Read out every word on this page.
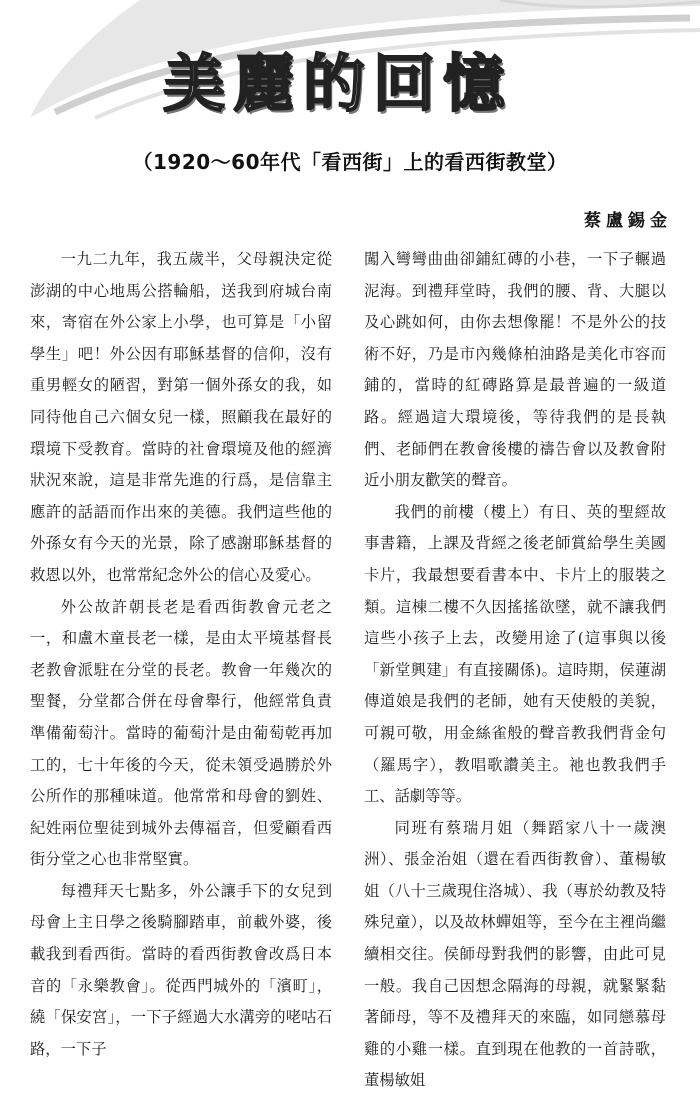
美麗的回憶
（1920～60年代「看西街」上的看西街教堂）
蔡盧錫金

一九二九年，我五歲半，父母親決定從澎湖的中心地馬公搭輪船，送我到府城台南來，寄宿在外公家上小學，也可算是「小留學生」吧！外公因有耶穌基督的信仰，沒有重男輕女的陋習，對第一個外孫女的我，如同待他自己六個女兒一樣，照顧我在最好的環境下受教育。當時的社會環境及他的經濟狀況來說，這是非常先進的行爲，是信靠主應許的話語而作出來的美德。我們這些他的外孫女有今天的光景，除了感謝耶穌基督的救恩以外，也常常紀念外公的信心及愛心。

外公故許朝長老是看西街教會元老之一，和盧木童長老一樣，是由太平境基督長老教會派駐在分堂的長老。教會一年幾次的聖餐，分堂都合併在母會舉行，他經常負責準備葡萄汁。當時的葡萄汁是由葡萄乾再加工的，七十年後的今天，從未領受過勝於外公所作的那種味道。他常常和母會的劉姓、紀姓兩位聖徒到城外去傳福音，但愛顧看西街分堂之心也非常堅實。

每禮拜天七點多，外公讓手下的女兒到母會上主日學之後騎腳踏車，前載外婆，後載我到看西街。當時的看西街教會改爲日本音的「永樂教會」。從西門城外的「濱町」，繞「保安宮」，一下子經過大水溝旁的咾咕石路，一下子

闖入彎彎曲曲卻鋪紅磚的小巷，一下子輾過泥海。到禮拜堂時，我們的腰、背、大腿以及心跳如何，由你去想像罷！不是外公的技術不好，乃是市內幾條柏油路是美化市容而鋪的，當時的紅磚路算是最普遍的一級道路。經過這大環境後，等待我們的是長執們、老師們在教會後樓的禱告會以及教會附近小朋友歡笑的聲音。

我們的前樓（樓上）有日、英的聖經故事書籍，上課及背經之後老師賞給學生美國卡片，我最想要看書本中、卡片上的服裝之類。這棟二樓不久因搖搖欲墜，就不讓我們這些小孩子上去，改變用途了(這事與以後「新堂興建」有直接關係)。這時期，侯蓮湖傳道娘是我們的老師，她有天使般的美貌，可親可敬，用金絲雀般的聲音教我們背金句（羅馬字），教唱歌讚美主。祂也教我們手工、話劇等等。

同班有蔡瑞月姐（舞蹈家八十一歲澳洲）、張金治姐（還在看西街教會）、董楊敏姐（八十三歲現住洛城）、我（專於幼教及特殊兒童），以及故林蟬姐等，至今在主裡尚繼續相交往。侯師母對我們的影響，由此可見一般。我自己因想念隔海的母親，就緊緊黏著師母，等不及禮拜天的來臨，如同戀慕母雞的小雞一樣。直到現在他教的一首詩歌，董楊敏姐
